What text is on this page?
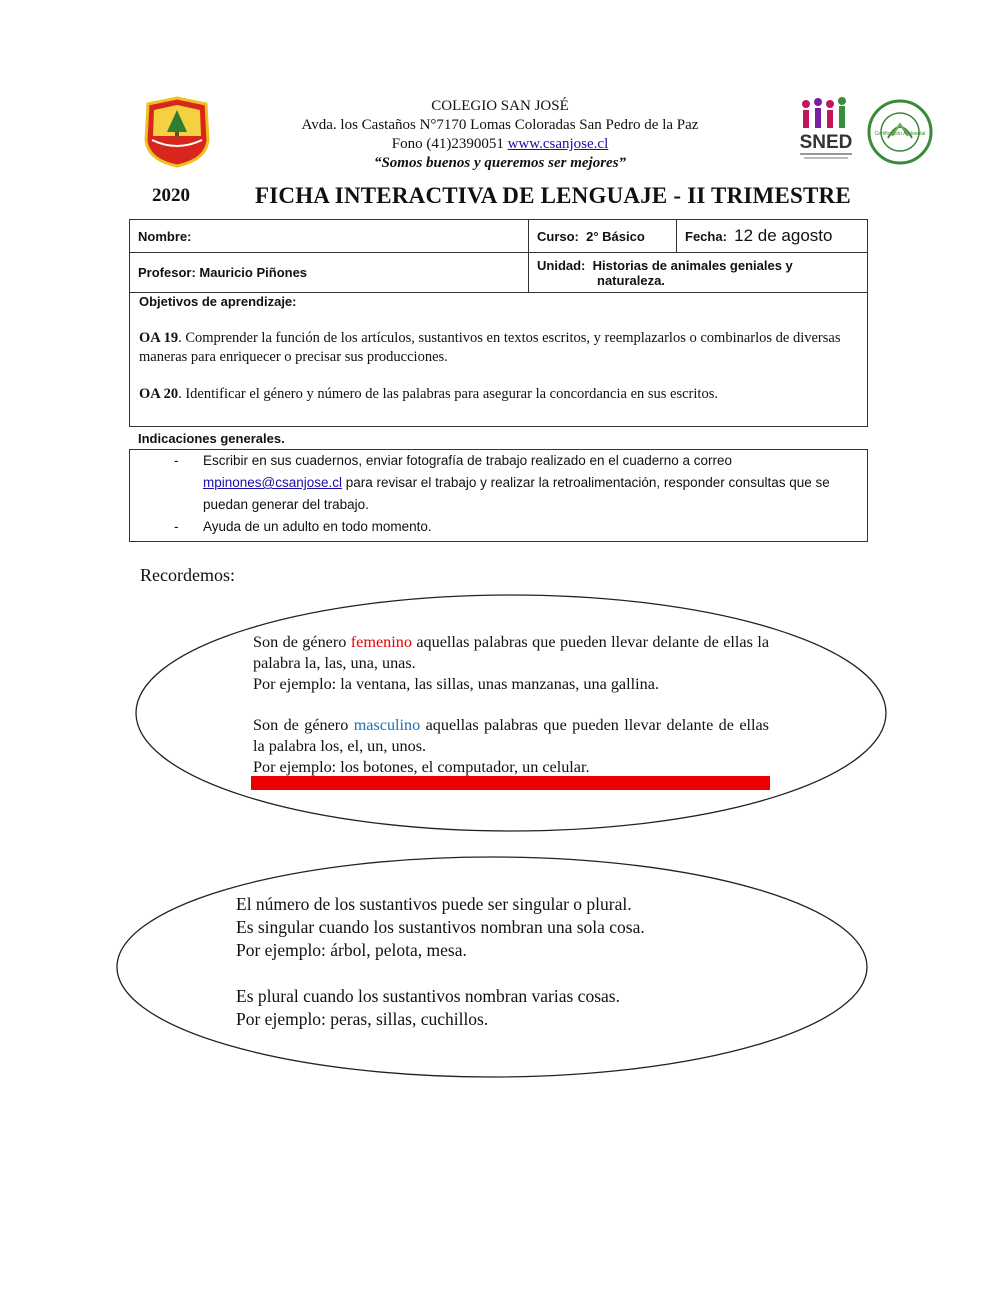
SNED	Certificación Ambiental
COLEGIO SAN JOSÉ
Avda. los Castaños N°7170 Lomas Coloradas San Pedro de la Paz
Fono (41)2390051 www.csanjose.cl
“Somos buenos y queremos ser mejores”
2020	FICHA INTERACTIVA DE LENGUAJE - II TRIMESTRE
Nombre:	Curso: 2° Básico	Fecha: 12 de agosto
Profesor: Mauricio Piñones	Unidad: Historias de animales geniales y
naturaleza.	
Objetivos de aprendizaje:

OA 19. Comprender la función de los artículos, sustantivos en textos escritos, y reemplazarlos o combinarlos de diversas maneras para enriquecer o precisar sus producciones.

OA 20. Identificar el género y número de las palabras para asegurar la concordancia en sus escritos.

Indicaciones generales.
- Escribir en sus cuadernos, enviar fotografía de trabajo realizado en el cuaderno a correo mpinones@csanjose.cl para revisar el trabajo y realizar la retroalimentación, responder consultas que se puedan generar del trabajo.
- Ayuda de un adulto en todo momento.
Recordemos:

Son de género femenino aquellas palabras que pueden llevar delante de ellas la palabra la, las, una, unas.
Por ejemplo: la ventana, las sillas, unas manzanas, una gallina.

Son de género masculino aquellas palabras que pueden llevar delante de ellas la palabra los, el, un, unos.
Por ejemplo: los botones, el computador, un celular.

El número de los sustantivos puede ser singular o plural.
Es singular cuando los sustantivos nombran una sola cosa.
Por ejemplo: árbol, pelota, mesa.

Es plural cuando los sustantivos nombran varias cosas.
Por ejemplo: peras, sillas, cuchillos.
